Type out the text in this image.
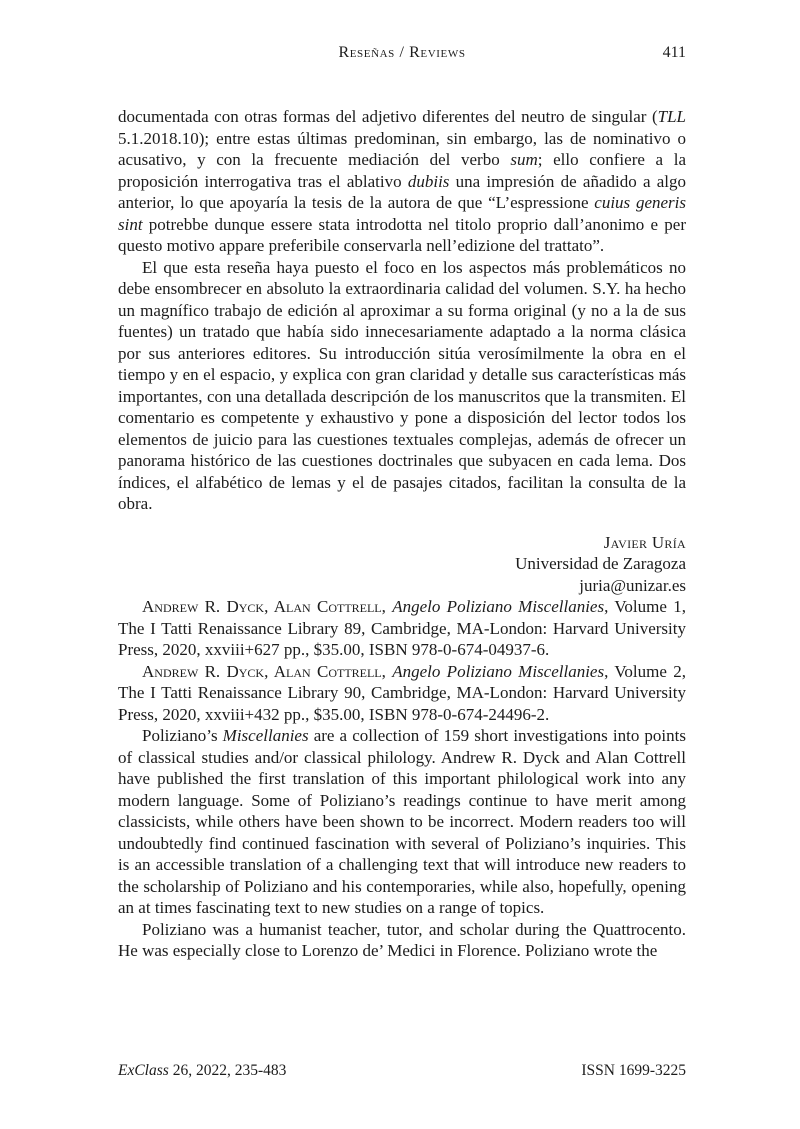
Reseñas / Reviews	411

documentada con otras formas del adjetivo diferentes del neutro de singular (TLL 5.1.2018.10); entre estas últimas predominan, sin embargo, las de nominativo o acusativo, y con la frecuente mediación del verbo sum; ello confiere a la proposición interrogativa tras el ablativo dubiis una impresión de añadido a algo anterior, lo que apoyaría la tesis de la autora de que “L’espressione cuius generis sint potrebbe dunque essere stata introdotta nel titolo proprio dall’anonimo e per questo motivo appare preferibile conservarla nell’edizione del trattato”.

El que esta reseña haya puesto el foco en los aspectos más problemáticos no debe ensombrecer en absoluto la extraordinaria calidad del volumen. S.Y. ha hecho un magnífico trabajo de edición al aproximar a su forma original (y no a la de sus fuentes) un tratado que había sido innecesariamente adaptado a la norma clásica por sus anteriores editores. Su introducción sitúa verosímilmente la obra en el tiempo y en el espacio, y explica con gran claridad y detalle sus características más importantes, con una detallada descripción de los manuscritos que la transmiten. El comentario es competente y exhaustivo y pone a disposición del lector todos los elementos de juicio para las cuestiones textuales complejas, además de ofrecer un panorama histórico de las cuestiones doctrinales que subyacen en cada lema. Dos índices, el alfabético de lemas y el de pasajes citados, facilitan la consulta de la obra.

Javier Uría
Universidad de Zaragoza
juria@unizar.es

Andrew R. Dyck, Alan Cottrell, Angelo Poliziano Miscellanies, Volume 1, The I Tatti Renaissance Library 89, Cambridge, MA-London: Harvard University Press, 2020, xxviii+627 pp., $35.00, ISBN 978-0-674-04937-6.

Andrew R. Dyck, Alan Cottrell, Angelo Poliziano Miscellanies, Volume 2, The I Tatti Renaissance Library 90, Cambridge, MA-London: Harvard University Press, 2020, xxviii+432 pp., $35.00, ISBN 978-0-674-24496-2.

Poliziano’s Miscellanies are a collection of 159 short investigations into points of classical studies and/or classical philology. Andrew R. Dyck and Alan Cottrell have published the first translation of this important philological work into any modern language. Some of Poliziano’s readings continue to have merit among classicists, while others have been shown to be incorrect. Modern readers too will undoubtedly find continued fascination with several of Poliziano’s inquiries. This is an accessible translation of a challenging text that will introduce new readers to the scholarship of Poliziano and his contemporaries, while also, hopefully, opening an at times fascinating text to new studies on a range of topics.

Poliziano was a humanist teacher, tutor, and scholar during the Quattrocento. He was especially close to Lorenzo de’ Medici in Florence. Poliziano wrote the

ExClass 26, 2022, 235-483	ISSN 1699-3225
